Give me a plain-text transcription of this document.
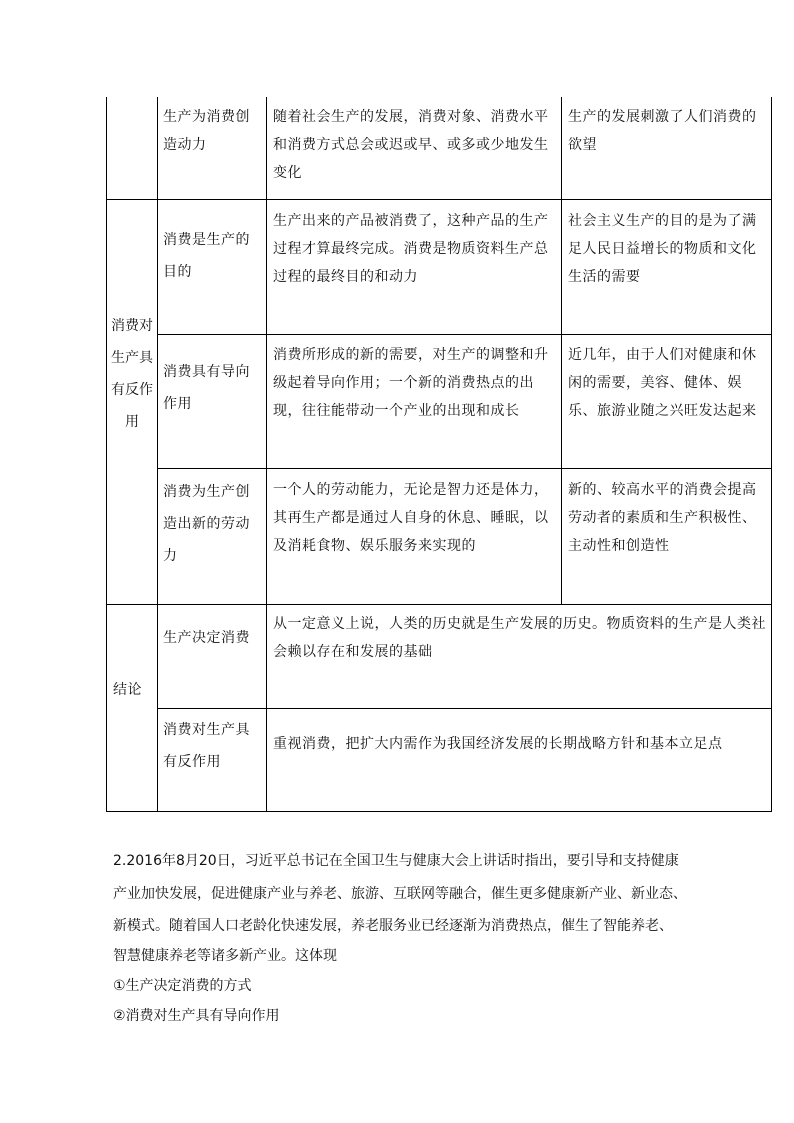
生产为消费创造动力
随着社会生产的发展，消费对象、消费水平和消费方式总会或迟或早、或多或少地发生变化
生产的发展刺激了人们消费的欲望
消费对生产具有反作用
消费是生产的目的
生产出来的产品被消费了，这种产品的生产过程才算最终完成。消费是物质资料生产总过程的最终目的和动力
社会主义生产的目的是为了满足人民日益增长的物质和文化生活的需要
消费具有导向作用
消费所形成的新的需要，对生产的调整和升级起着导向作用；一个新的消费热点的出现，往往能带动一个产业的出现和成长
近几年，由于人们对健康和休闲的需要，美容、健体、娱乐、旅游业随之兴旺发达起来
消费为生产创造出新的劳动力
一个人的劳动能力，无论是智力还是体力，其再生产都是通过人自身的休息、睡眠，以及消耗食物、娱乐服务来实现的
新的、较高水平的消费会提高劳动者的素质和生产积极性、主动性和创造性
结论
生产决定消费
从一定意义上说，人类的历史就是生产发展的历史。物质资料的生产是人类社会赖以存在和发展的基础
消费对生产具有反作用
重视消费，把扩大内需作为我国经济发展的长期战略方针和基本立足点
2.2016年8月20日，习近平总书记在全国卫生与健康大会上讲话时指出，要引导和支持健康
产业加快发展，促进健康产业与养老、旅游、互联网等融合，催生更多健康新产业、新业态、
新模式。随着国人口老龄化快速发展，养老服务业已经逐渐为消费热点，催生了智能养老、
智慧健康养老等诸多新产业。这体现
①生产决定消费的方式
②消费对生产具有导向作用
